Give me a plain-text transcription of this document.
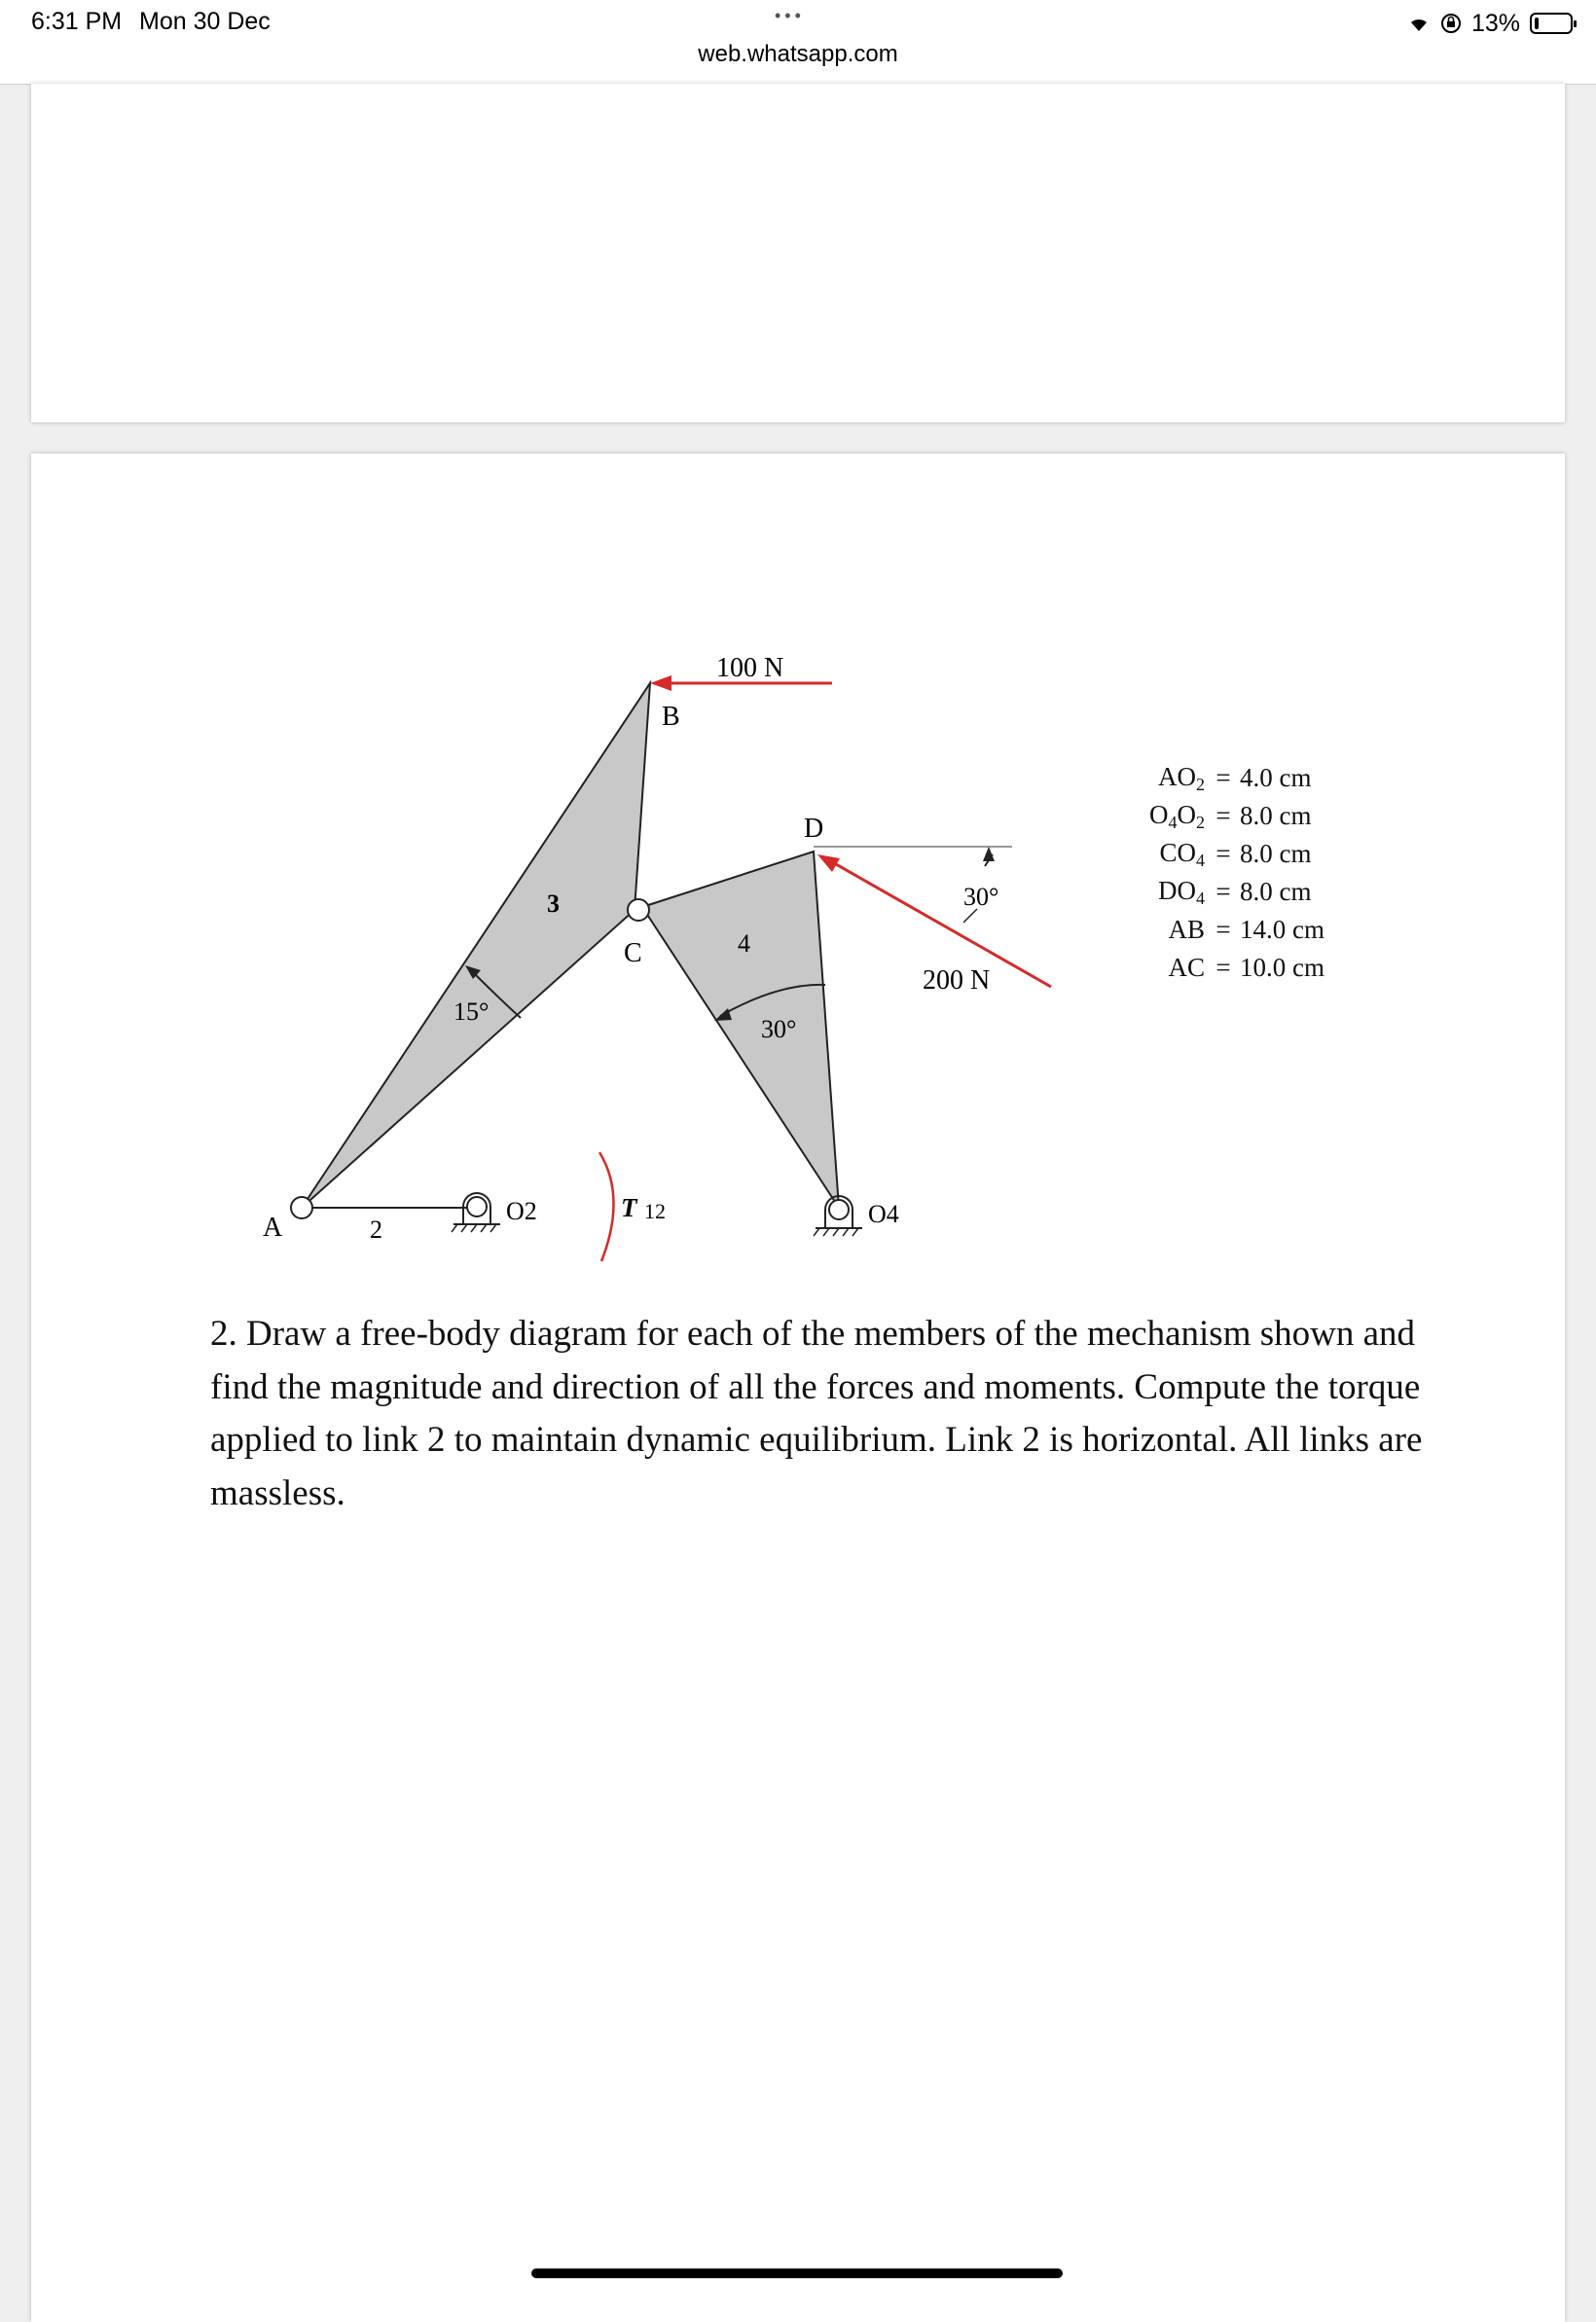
6:31 PM Mon 30 Dec	•••
web.whatsapp.com
13%
100 N
B
D
C
3
4
15°
30°
30°
200 N
A	2
O2	T 12	O4
$AO_2 = 4.0$ cm
$O_4O_2 = 8.0$ cm
$CO_4 = 8.0$ cm
$DO_4 = 8.0$ cm
AB = 14.0 cm
AC = 10.0 cm
2. Draw a free-body diagram for each of the members of the mechanism shown and find the magnitude and direction of all the forces and moments. Compute the torque applied to link 2 to maintain dynamic equilibrium. Link 2 is horizontal. All links are massless.
